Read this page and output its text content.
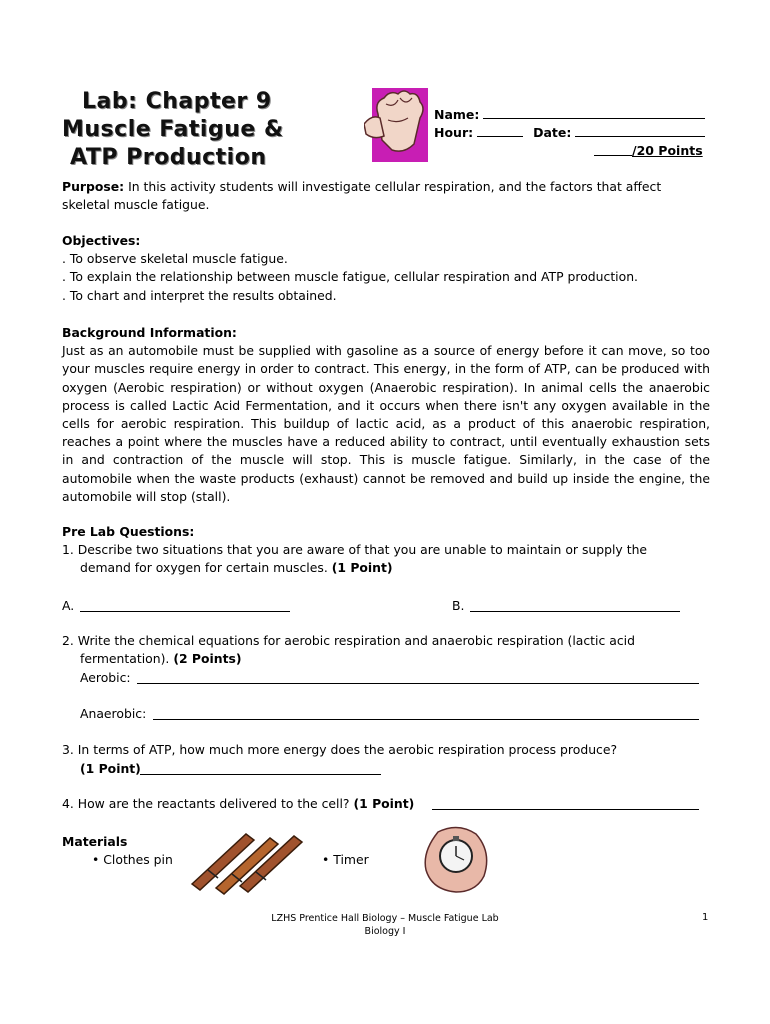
Lab: Chapter 9
Muscle Fatigue &
ATP Production
Name:
Hour:	Date:
/20 Points
Purpose: In this activity students will investigate cellular respiration, and the factors that affect skeletal muscle fatigue.
Objectives:
. To observe skeletal muscle fatigue.
. To explain the relationship between muscle fatigue, cellular respiration and ATP production.
. To chart and interpret the results obtained.
Background Information:
Just as an automobile must be supplied with gasoline as a source of energy before it can move, so too your muscles require energy in order to contract. This energy, in the form of ATP, can be produced with oxygen (Aerobic respiration) or without oxygen (Anaerobic respiration). In animal cells the anaerobic process is called Lactic Acid Fermentation, and it occurs when there isn't any oxygen available in the cells for aerobic respiration. This buildup of lactic acid, as a product of this anaerobic respiration, reaches a point where the muscles have a reduced ability to contract, until eventually exhaustion sets in and contraction of the muscle will stop. This is muscle fatigue. Similarly, in the case of the automobile when the waste products (exhaust) cannot be removed and build up inside the engine, the automobile will stop (stall).
Pre Lab Questions:
1. Describe two situations that you are aware of that you are unable to maintain or supply the
demand for oxygen for certain muscles. (1 Point)
A.	B.
2. Write the chemical equations for aerobic respiration and anaerobic respiration (lactic acid
fermentation). (2 Points)
Aerobic:
Anaerobic:
3. In terms of ATP, how much more energy does the aerobic respiration process produce?
(1 Point)
4. How are the reactants delivered to the cell? (1 Point)
Materials
• Clothes pin	• Timer
LZHS Prentice Hall Biology – Muscle Fatigue Lab
Biology I
1
